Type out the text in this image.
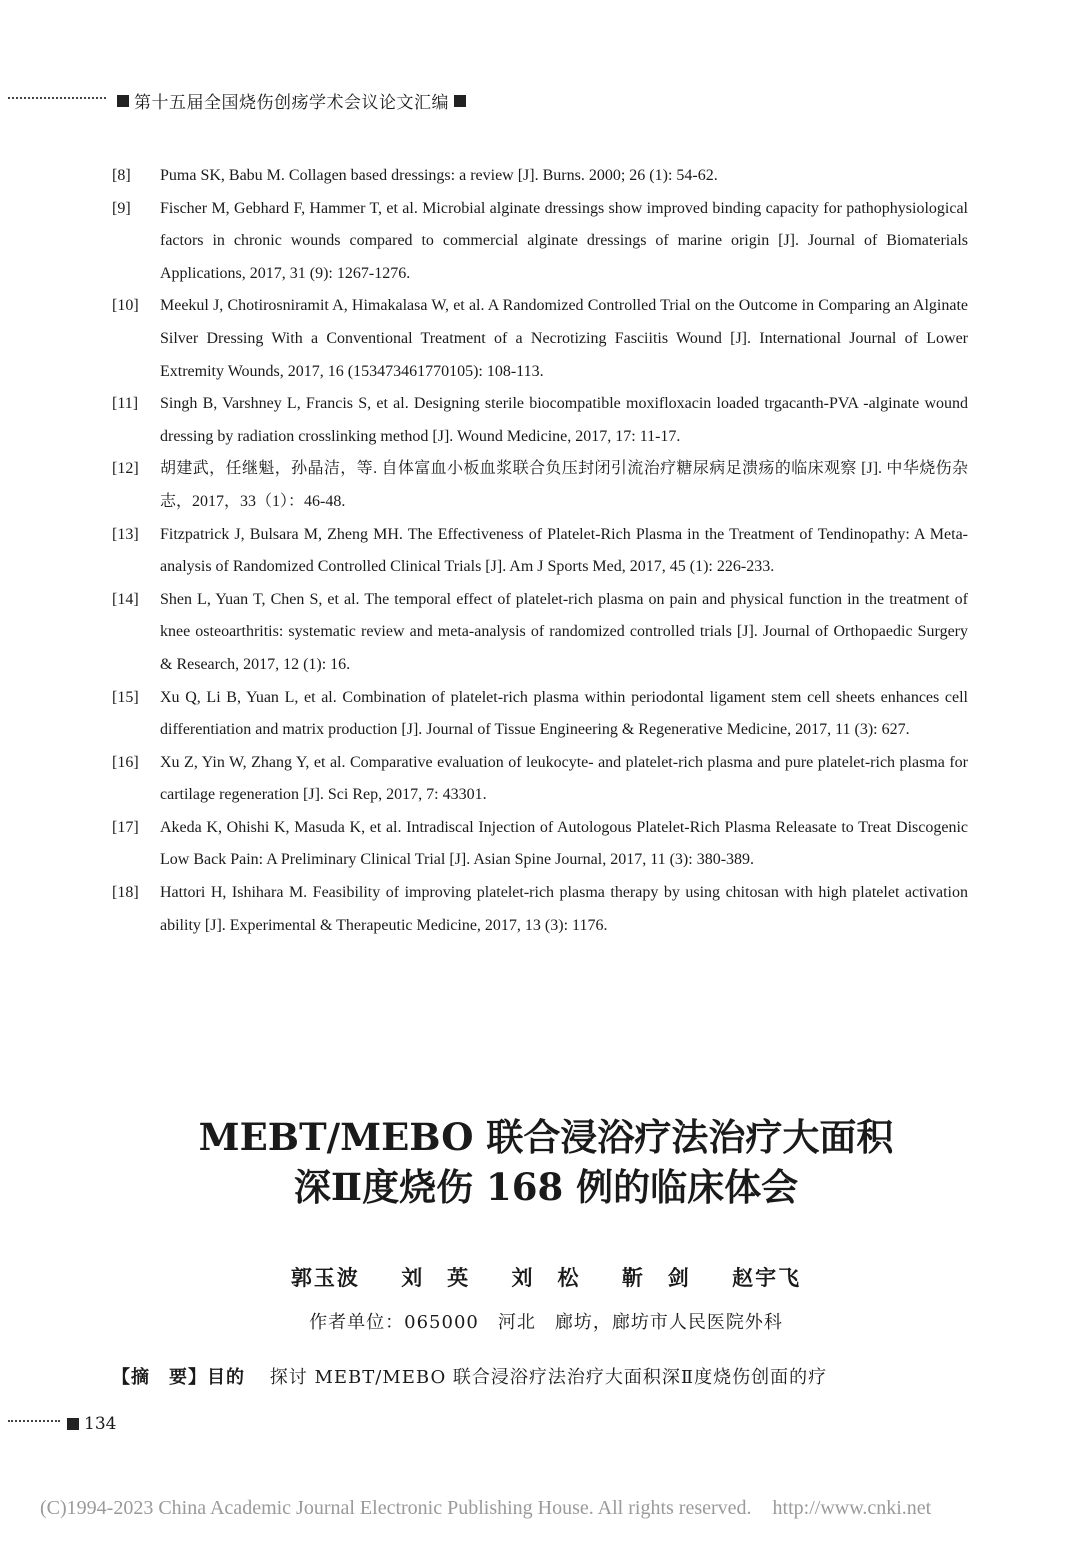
第十五届全国烧伤创疡学术会议论文汇编
[8] Puma SK, Babu M. Collagen based dressings: a review [J]. Burns. 2000; 26 (1): 54-62.
[9] Fischer M, Gebhard F, Hammer T, et al. Microbial alginate dressings show improved binding capacity for pathophysiological factors in chronic wounds compared to commercial alginate dressings of marine origin [J]. Journal of Biomaterials Applications, 2017, 31 (9): 1267-1276.
[10] Meekul J, Chotirosniramit A, Himakalasa W, et al. A Randomized Controlled Trial on the Outcome in Comparing an Alginate Silver Dressing With a Conventional Treatment of a Necrotizing Fasciitis Wound [J]. International Journal of Lower Extremity Wounds, 2017, 16 (153473461770105): 108-113.
[11] Singh B, Varshney L, Francis S, et al. Designing sterile biocompatible moxifloxacin loaded trgacanth-PVA -alginate wound dressing by radiation crosslinking method [J]. Wound Medicine, 2017, 17: 11-17.
[12] 胡建武，任继魁，孙晶洁，等. 自体富血小板血浆联合负压封闭引流治疗糖尿病足溃疡的临床观察 [J]. 中华烧伤杂志，2017，33（1）：46-48.
[13] Fitzpatrick J, Bulsara M, Zheng MH. The Effectiveness of Platelet-Rich Plasma in the Treatment of Tendinopathy: A Meta-analysis of Randomized Controlled Clinical Trials [J]. Am J Sports Med, 2017, 45 (1): 226-233.
[14] Shen L, Yuan T, Chen S, et al. The temporal effect of platelet-rich plasma on pain and physical function in the treatment of knee osteoarthritis: systematic review and meta-analysis of randomized controlled trials [J]. Journal of Orthopaedic Surgery & Research, 2017, 12 (1): 16.
[15] Xu Q, Li B, Yuan L, et al. Combination of platelet-rich plasma within periodontal ligament stem cell sheets enhances cell differentiation and matrix production [J]. Journal of Tissue Engineering & Regenerative Medicine, 2017, 11 (3): 627.
[16] Xu Z, Yin W, Zhang Y, et al. Comparative evaluation of leukocyte- and platelet-rich plasma and pure platelet-rich plasma for cartilage regeneration [J]. Sci Rep, 2017, 7: 43301.
[17] Akeda K, Ohishi K, Masuda K, et al. Intradiscal Injection of Autologous Platelet-Rich Plasma Releasate to Treat Discogenic Low Back Pain: A Preliminary Clinical Trial [J]. Asian Spine Journal, 2017, 11 (3): 380-389.
[18] Hattori H, Ishihara M. Feasibility of improving platelet-rich plasma therapy by using chitosan with high platelet activation ability [J]. Experimental & Therapeutic Medicine, 2017, 13 (3): 1176.
MEBT/MEBO 联合浸浴疗法治疗大面积
深Ⅱ度烧伤 168 例的临床体会
郭玉波 刘　英 刘　松 靳　剑 赵宇飞
作者单位：065000　河北　廊坊，廊坊市人民医院外科
【摘　要】目的 探讨 MEBT/MEBO 联合浸浴疗法治疗大面积深Ⅱ度烧伤创面的疗
134
(C)1994-2023 China Academic Journal Electronic Publishing House. All rights reserved. http://www.cnki.net
